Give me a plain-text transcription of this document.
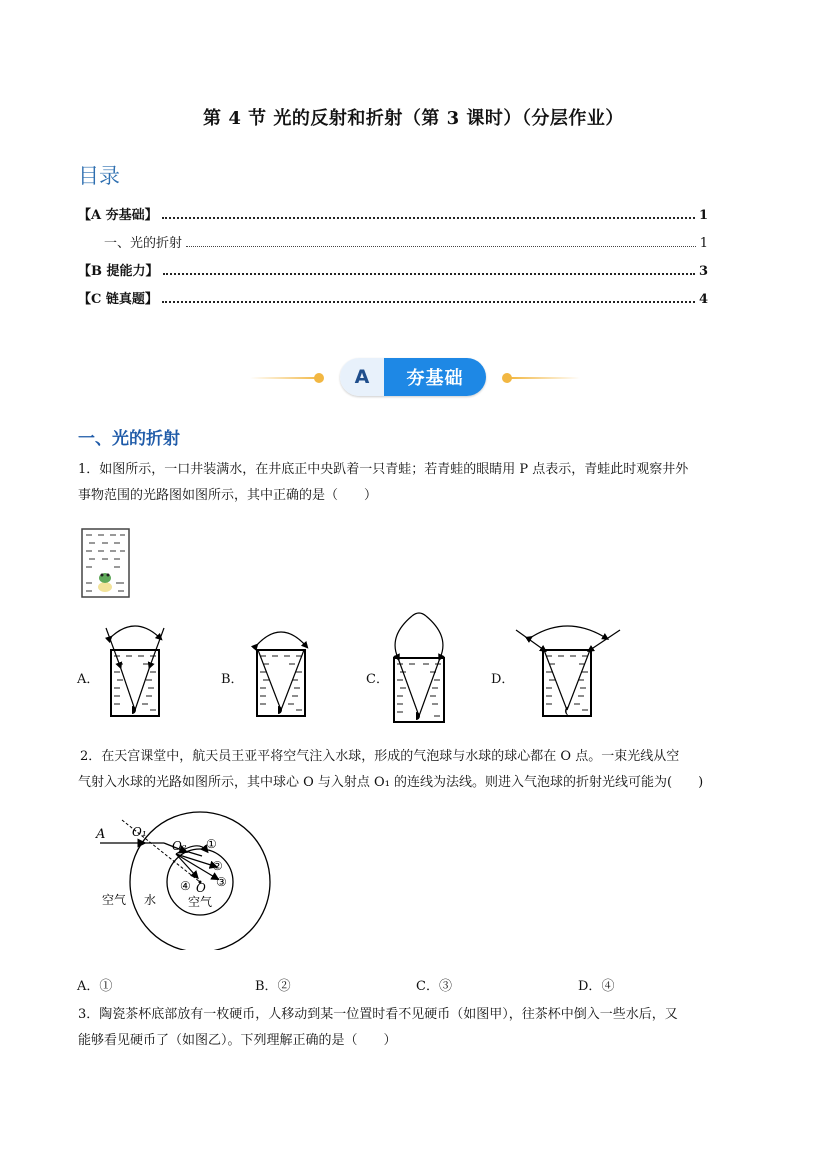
第 4 节 光的反射和折射（第 3 课时）（分层作业）
目录
【A 夯基础】	1
一、光的折射	1
【B 提能力】	3
【C 链真题】	4
A	夯基础
一、光的折射
1．如图所示，一口井装满水，在井底正中央趴着一只青蛙；若青蛙的眼睛用 P 点表示，青蛙此时观察井外
事物范围的光路图如图所示，其中正确的是（　　）
A．	B．	C．	D．
2．在天宫课堂中，航天员王亚平将空气注入水球，形成的气泡球与水球的球心都在 O 点。一束光线从空
气射入水球的光路如图所示，其中球心 O 与入射点 O₁ 的连线为法线。则进入气泡球的折射光线可能为(　　)
A O₁
O₂ ①
②
③
④ O
空气 水	空气
A．①	B．②	C．③	D．④
3．陶瓷茶杯底部放有一枚硬币，人移动到某一位置时看不见硬币（如图甲），往茶杯中倒入一些水后，又
能够看见硬币了（如图乙）。下列理解正确的是（　　）
